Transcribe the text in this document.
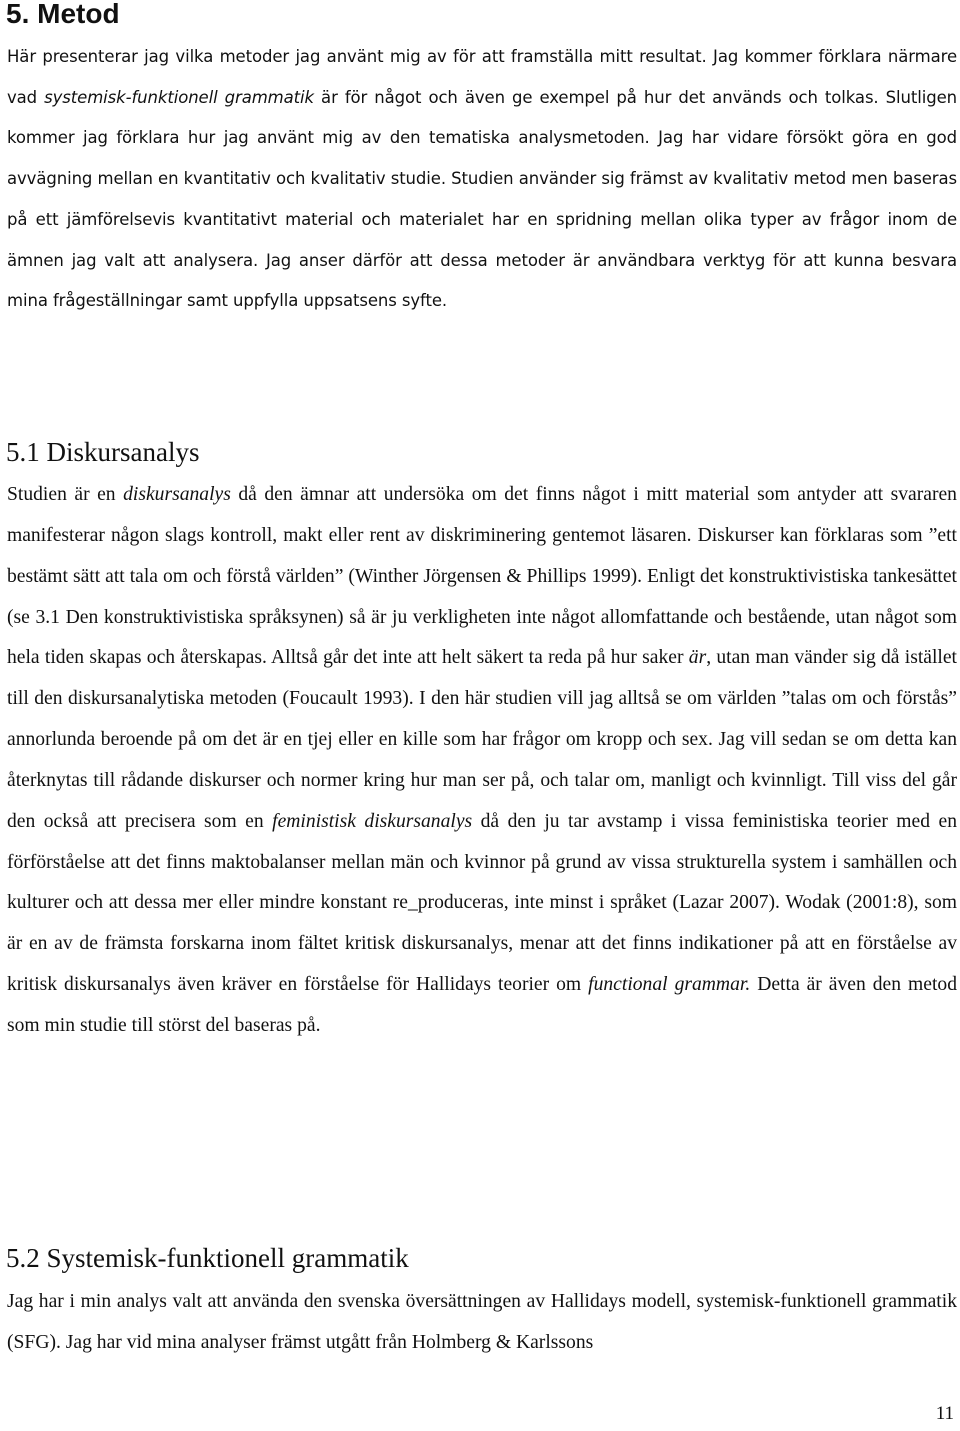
5. Metod

Här presenterar jag vilka metoder jag använt mig av för att framställa mitt resultat. Jag kommer förklara närmare vad systemisk-funktionell grammatik är för något och även ge exempel på hur det används och tolkas. Slutligen kommer jag förklara hur jag använt mig av den tematiska analysmetoden. Jag har vidare försökt göra en god avvägning mellan en kvantitativ och kvalitativ studie. Studien använder sig främst av kvalitativ metod men baseras på ett jämförelsevis kvantitativt material och materialet har en spridning mellan olika typer av frågor inom de ämnen jag valt att analysera. Jag anser därför att dessa metoder är användbara verktyg för att kunna besvara mina frågeställningar samt uppfylla uppsatsens syfte.

5.1 Diskursanalys

Studien är en diskursanalys då den ämnar att undersöka om det finns något i mitt material som antyder att svararen manifesterar någon slags kontroll, makt eller rent av diskriminering gentemot läsaren. Diskurser kan förklaras som ”ett bestämt sätt att tala om och förstå världen” (Winther Jörgensen & Phillips 1999). Enligt det konstruktivistiska tankesättet (se 3.1 Den konstruktivistiska språksynen) så är ju verkligheten inte något allomfattande och bestående, utan något som hela tiden skapas och återskapas. Alltså går det inte att helt säkert ta reda på hur saker är, utan man vänder sig då istället till den diskursanalytiska metoden (Foucault 1993). I den här studien vill jag alltså se om världen ”talas om och förstås” annorlunda beroende på om det är en tjej eller en kille som har frågor om kropp och sex. Jag vill sedan se om detta kan återknytas till rådande diskurser och normer kring hur man ser på, och talar om, manligt och kvinnligt. Till viss del går den också att precisera som en feministisk diskursanalys då den ju tar avstamp i vissa feministiska teorier med en förförståelse att det finns maktobalanser mellan män och kvinnor på grund av vissa strukturella system i samhällen och kulturer och att dessa mer eller mindre konstant re_produceras, inte minst i språket (Lazar 2007). Wodak (2001:8), som är en av de främsta forskarna inom fältet kritisk diskursanalys, menar att det finns indikationer på att en förståelse av kritisk diskursanalys även kräver en förståelse för Hallidays teorier om functional grammar. Detta är även den metod som min studie till störst del baseras på.

5.2 Systemisk-funktionell grammatik

Jag har i min analys valt att använda den svenska översättningen av Hallidays modell, systemisk-funktionell grammatik (SFG). Jag har vid mina analyser främst utgått från Holmberg & Karlssons

11
